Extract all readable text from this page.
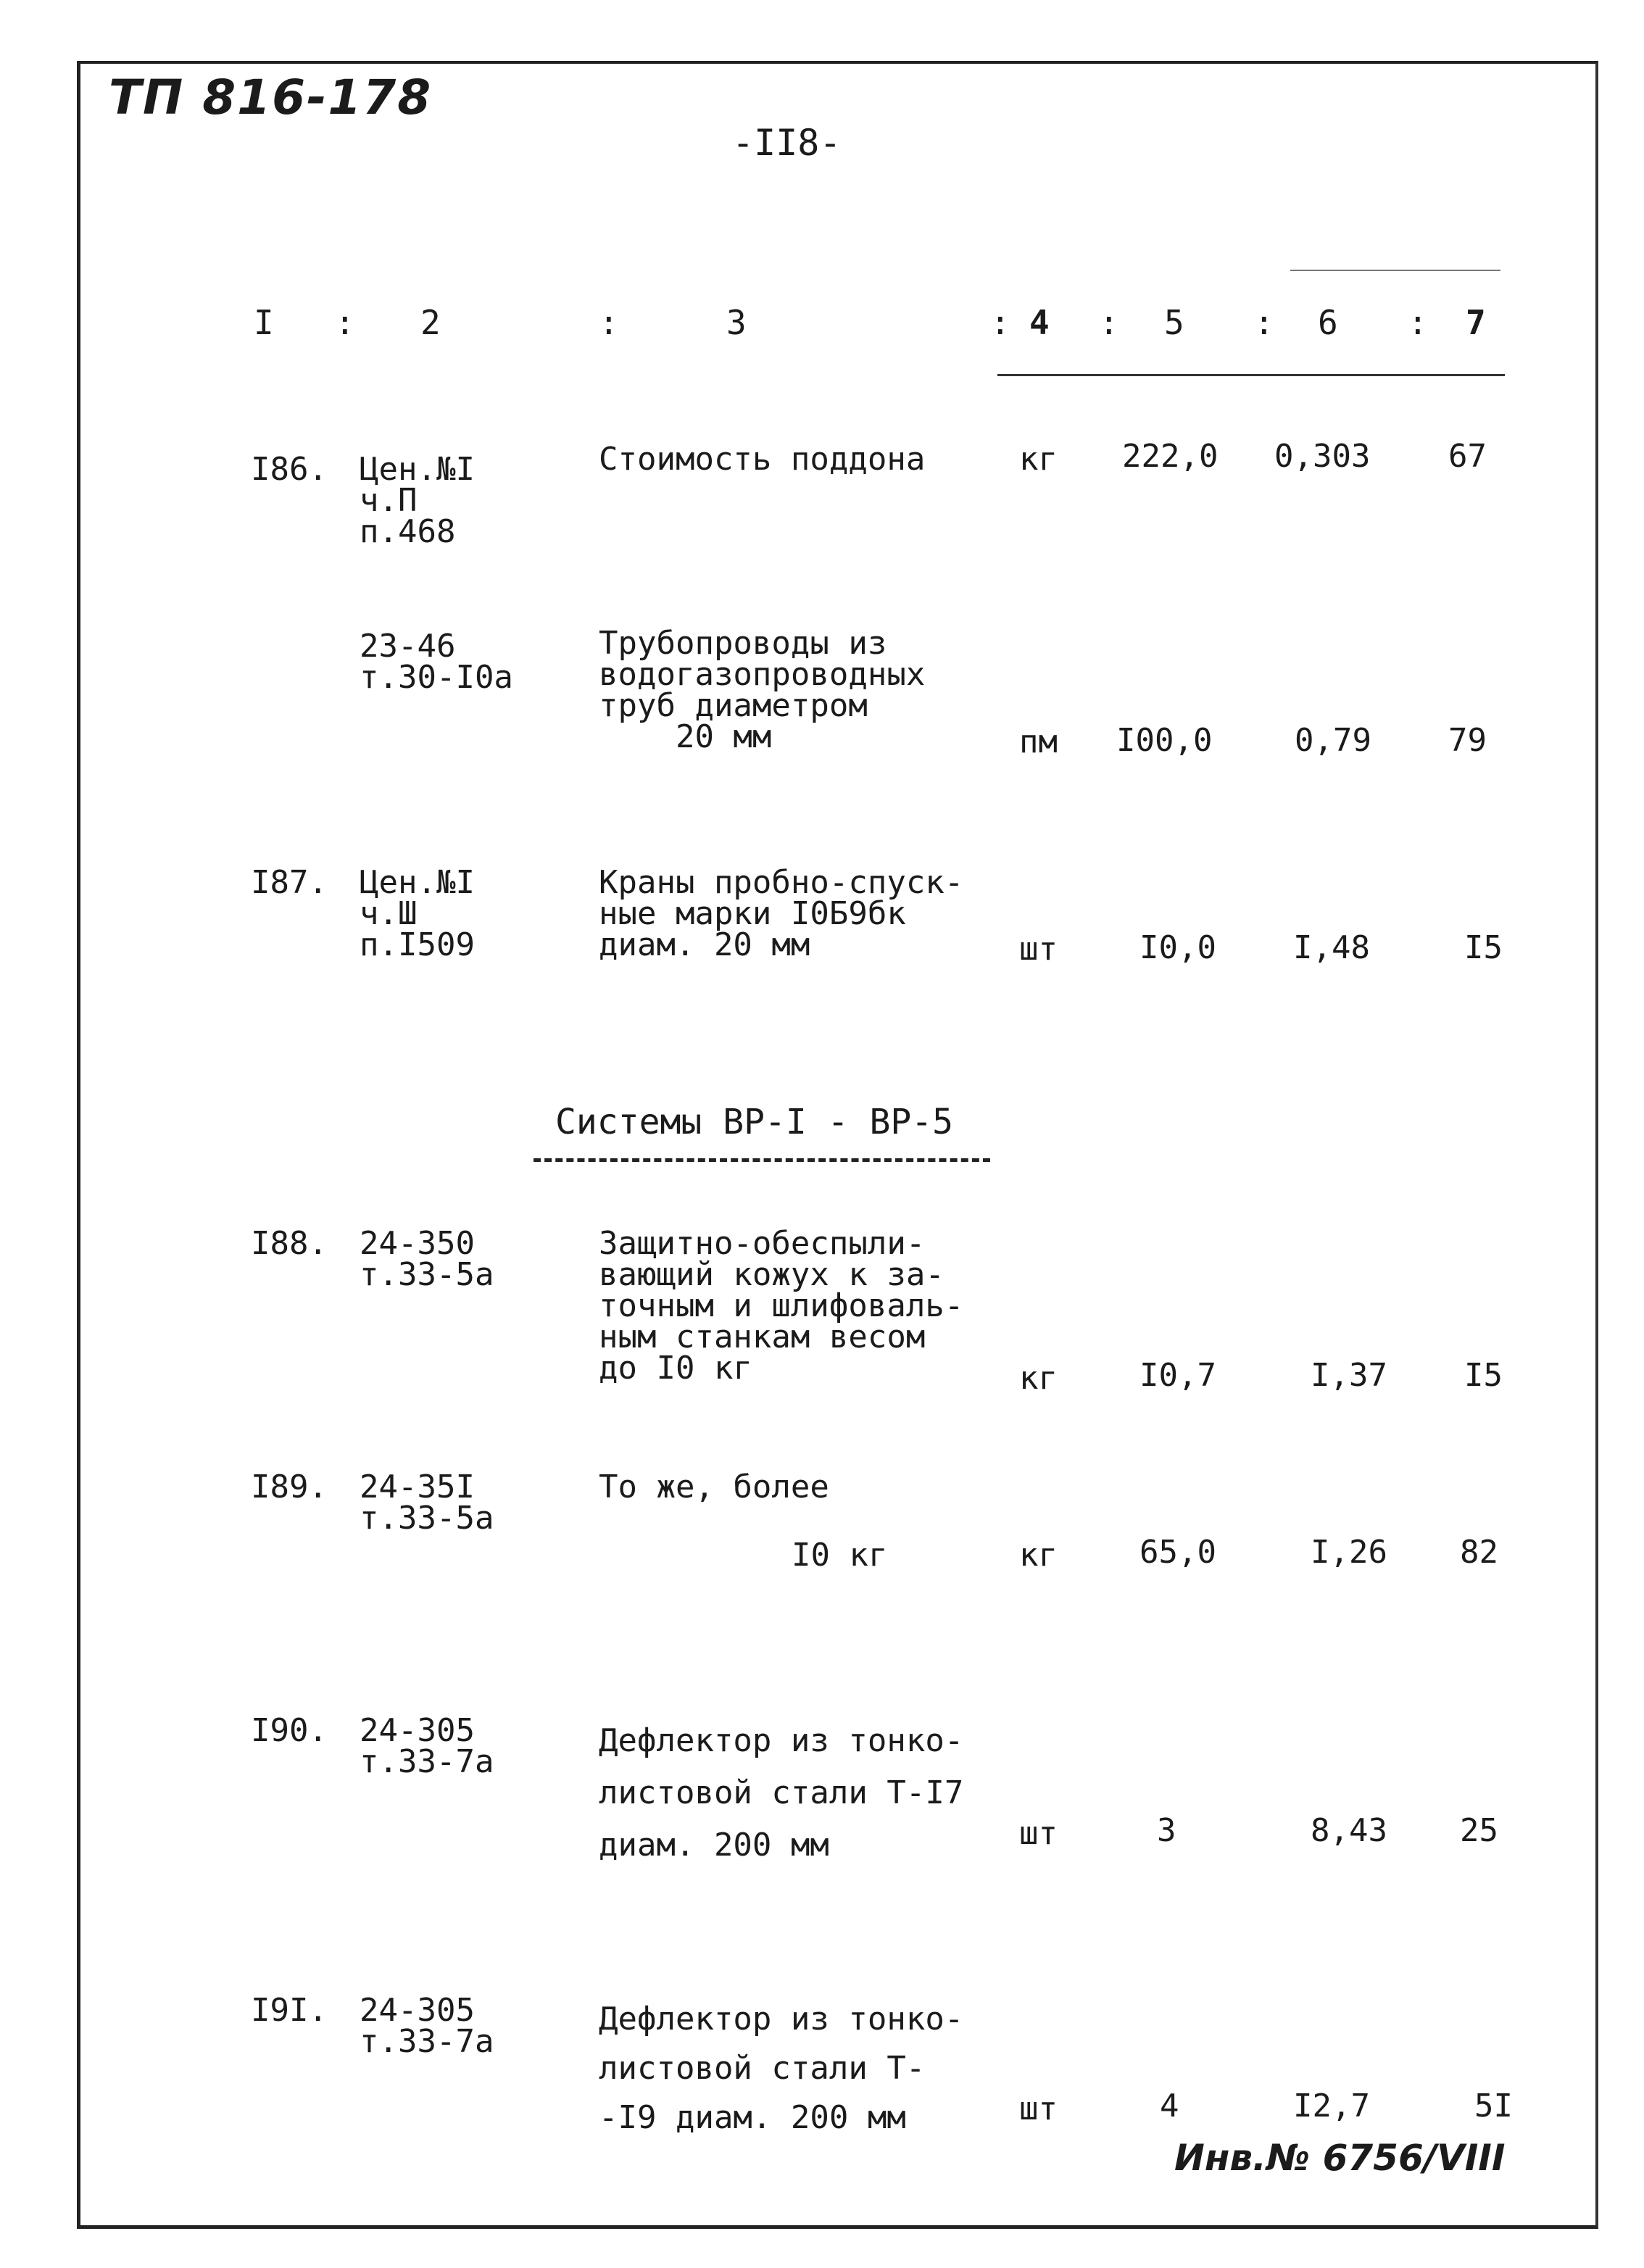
ТП 816-178
-II8-
I : 2	:	3	: 4 : 5 : 6 : 7
I86. Цен.№I
ч.П
п.468
Стоимость поддона	кг 222,0 0,303 67
23-46
т.30-I0а
Трубопроводы из
водогазопроводных
труб диаметром
20 мм	пм I00,0	0,79 79
I87. Цен.№I
ч.Ш
п.I509
Краны пробно-спуск-
ные марки I0Б9бк
диам. 20 мм	шт	I0,0 I,48	I5
Системы ВР-I - ВР-5
I88. 24-350
т.33-5а
Защитно-обеспыли-
вающий кожух к за-
точным и шлифоваль-
ным станкам весом
до I0 кг	кг	I0,7	I,37 I5
I89. 24-35I
т.33-5а
То же, более
I0 кг	кг	65,0	I,26 82
I90. 24-305
т.33-7а
Дефлектор из тонко-
листовой стали Т-I7
диам. 200 мм	шт	3	8,43 25
I9I. 24-305
т.33-7а
Дефлектор из тонко-
листовой стали Т-
-I9 диам. 200 мм	шт	4	I2,7	5I
Инв.№ 6756/VIII
